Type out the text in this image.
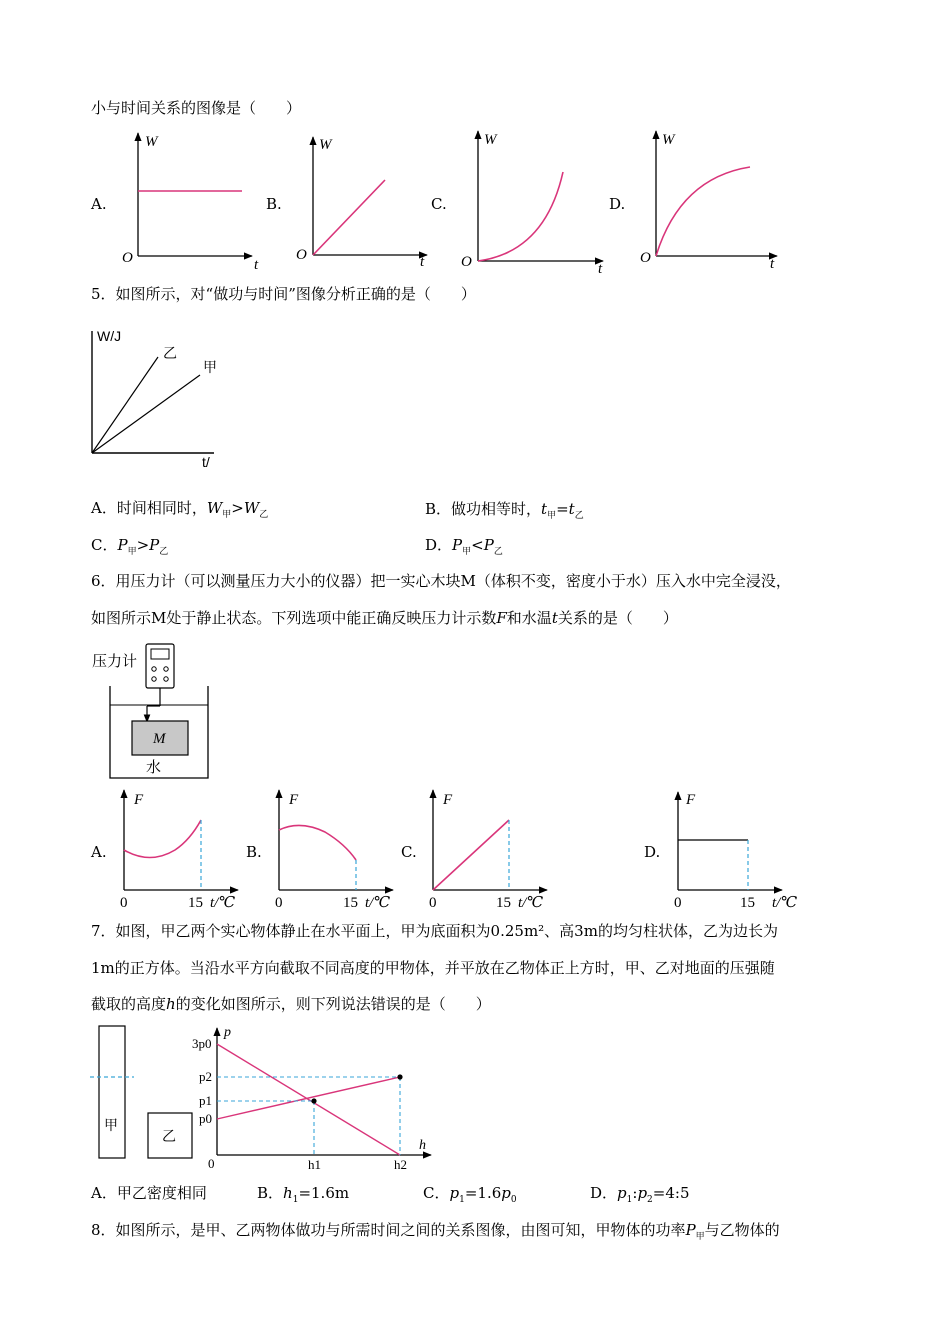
小与时间关系的图像是（　　）
A.	B.	C.	D.
W
t
O
W
t
O
W
t
O
W
t
O
5．如图所示，对“做功与时间”图像分析正确的是（　　）
W/J
t/
乙
甲
A．时间相同时，$W_甲>W_乙$	B．做功相等时，$t_甲=t_乙$
C．$P_甲>P_乙$	D．$P_甲<P_乙$
6．用压力计（可以测量压力大小的仪器）把一实心木块M（体积不变，密度小于水）压入水中完全浸没，
如图所示M处于静止状态。下列选项中能正确反映压力计示数F和水温t关系的是（　　）
压力计
M
水
A.	B.	C.	D.
F
0	15 t/℃
F
0	15 t/℃
F
0	15 t/℃
F
0	15 t/℃
7．如图，甲乙两个实心物体静止在水平面上，甲为底面积为0.25m²、高3m的均匀柱状体，乙为边长为
1m的正方体。当沿水平方向截取不同高度的甲物体，并平放在乙物体正上方时，甲、乙对地面的压强随
截取的高度h的变化如图所示，则下列说法错误的是（　　）
甲
乙
p
h
0
3p0
p2
p1
p0
h1	h2
A．甲乙密度相同	B．$h_1=1.6m$	C．$p_1=1.6p_0$	D．$p_1:p_2=4:5$
8．如图所示，是甲、乙两物体做功与所需时间之间的关系图像，由图可知，甲物体的功率$P_甲$与乙物体的
